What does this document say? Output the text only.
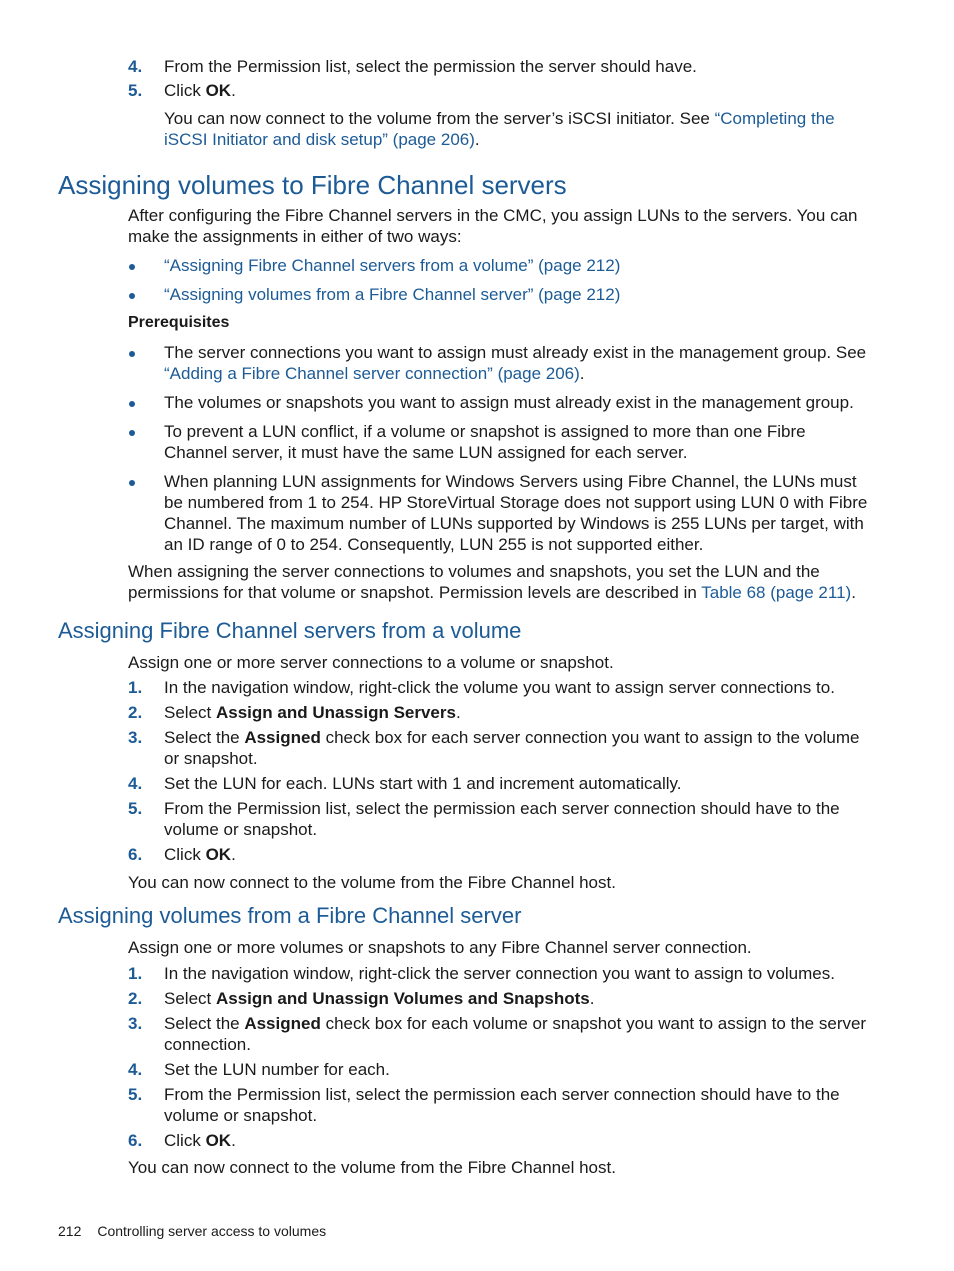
4. From the Permission list, select the permission the server should have.
5. Click OK.
You can now connect to the volume from the server’s iSCSI initiator. See “Completing the iSCSI Initiator and disk setup” (page 206).
Assigning volumes to Fibre Channel servers
After configuring the Fibre Channel servers in the CMC, you assign LUNs to the servers. You can make the assignments in either of two ways:
“Assigning Fibre Channel servers from a volume” (page 212)
“Assigning volumes from a Fibre Channel server” (page 212)
Prerequisites
The server connections you want to assign must already exist in the management group. See “Adding a Fibre Channel server connection” (page 206).
The volumes or snapshots you want to assign must already exist in the management group.
To prevent a LUN conflict, if a volume or snapshot is assigned to more than one Fibre Channel server, it must have the same LUN assigned for each server.
When planning LUN assignments for Windows Servers using Fibre Channel, the LUNs must be numbered from 1 to 254. HP StoreVirtual Storage does not support using LUN 0 with Fibre Channel. The maximum number of LUNs supported by Windows is 255 LUNs per target, with an ID range of 0 to 254. Consequently, LUN 255 is not supported either.
When assigning the server connections to volumes and snapshots, you set the LUN and the permissions for that volume or snapshot. Permission levels are described in Table 68 (page 211).
Assigning Fibre Channel servers from a volume
Assign one or more server connections to a volume or snapshot.
1. In the navigation window, right-click the volume you want to assign server connections to.
2. Select Assign and Unassign Servers.
3. Select the Assigned check box for each server connection you want to assign to the volume or snapshot.
4. Set the LUN for each. LUNs start with 1 and increment automatically.
5. From the Permission list, select the permission each server connection should have to the volume or snapshot.
6. Click OK.
You can now connect to the volume from the Fibre Channel host.
Assigning volumes from a Fibre Channel server
Assign one or more volumes or snapshots to any Fibre Channel server connection.
1. In the navigation window, right-click the server connection you want to assign to volumes.
2. Select Assign and Unassign Volumes and Snapshots.
3. Select the Assigned check box for each volume or snapshot you want to assign to the server connection.
4. Set the LUN number for each.
5. From the Permission list, select the permission each server connection should have to the volume or snapshot.
6. Click OK.
You can now connect to the volume from the Fibre Channel host.
212 Controlling server access to volumes
